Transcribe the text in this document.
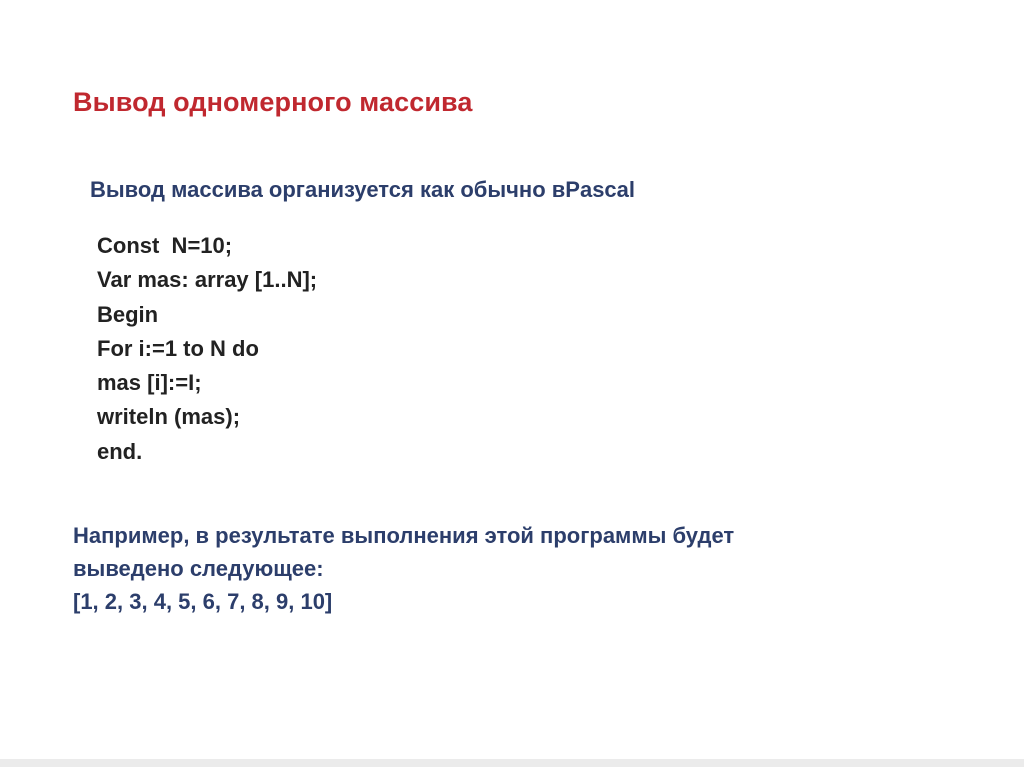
Вывод одномерного массива
Вывод массива организуется как обычно вPascal
Const  N=10;
Var mas: array [1..N];
Begin
For i:=1 to N do
mas [i]:=I;
writeln (mas);
end.
Например, в результате выполнения этой программы будет
выведено следующее:
[1, 2, 3, 4, 5, 6, 7, 8, 9, 10]
